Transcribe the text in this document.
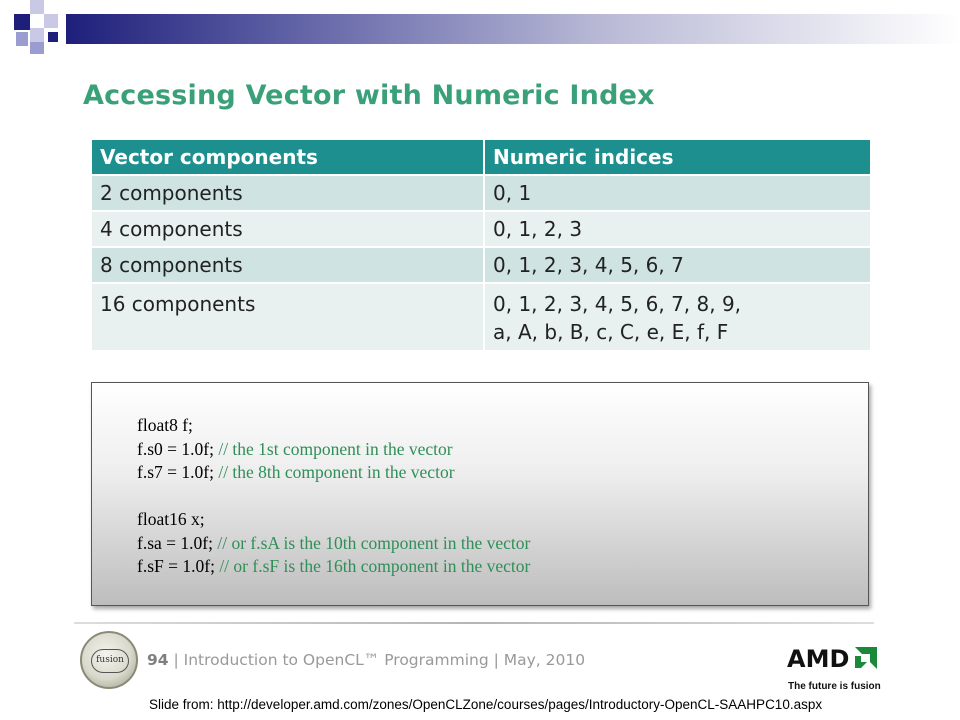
Accessing Vector with Numeric Index
Vector components	Numeric indices
2 components	0, 1
4 components	0, 1, 2, 3
8 components	0, 1, 2, 3, 4, 5, 6, 7
16 components	0, 1, 2, 3, 4, 5, 6, 7, 8, 9,
a, A, b, B, c, C, e, E, f, F
float8 f;
f.s0 = 1.0f; // the 1st component in the vector
f.s7 = 1.0f; // the 8th component in the vector
float16 x;
f.sa = 1.0f; // or f.sA is the 10th component in the vector
f.sF = 1.0f; // or f.sF is the 16th component in the vector
fusion	94 | Introduction to OpenCL™ Programming | May, 2010	AMD
The future is fusion
Slide from: http://developer.amd.com/zones/OpenCLZone/courses/pages/Introductory-OpenCL-SAAHPC10.aspx
